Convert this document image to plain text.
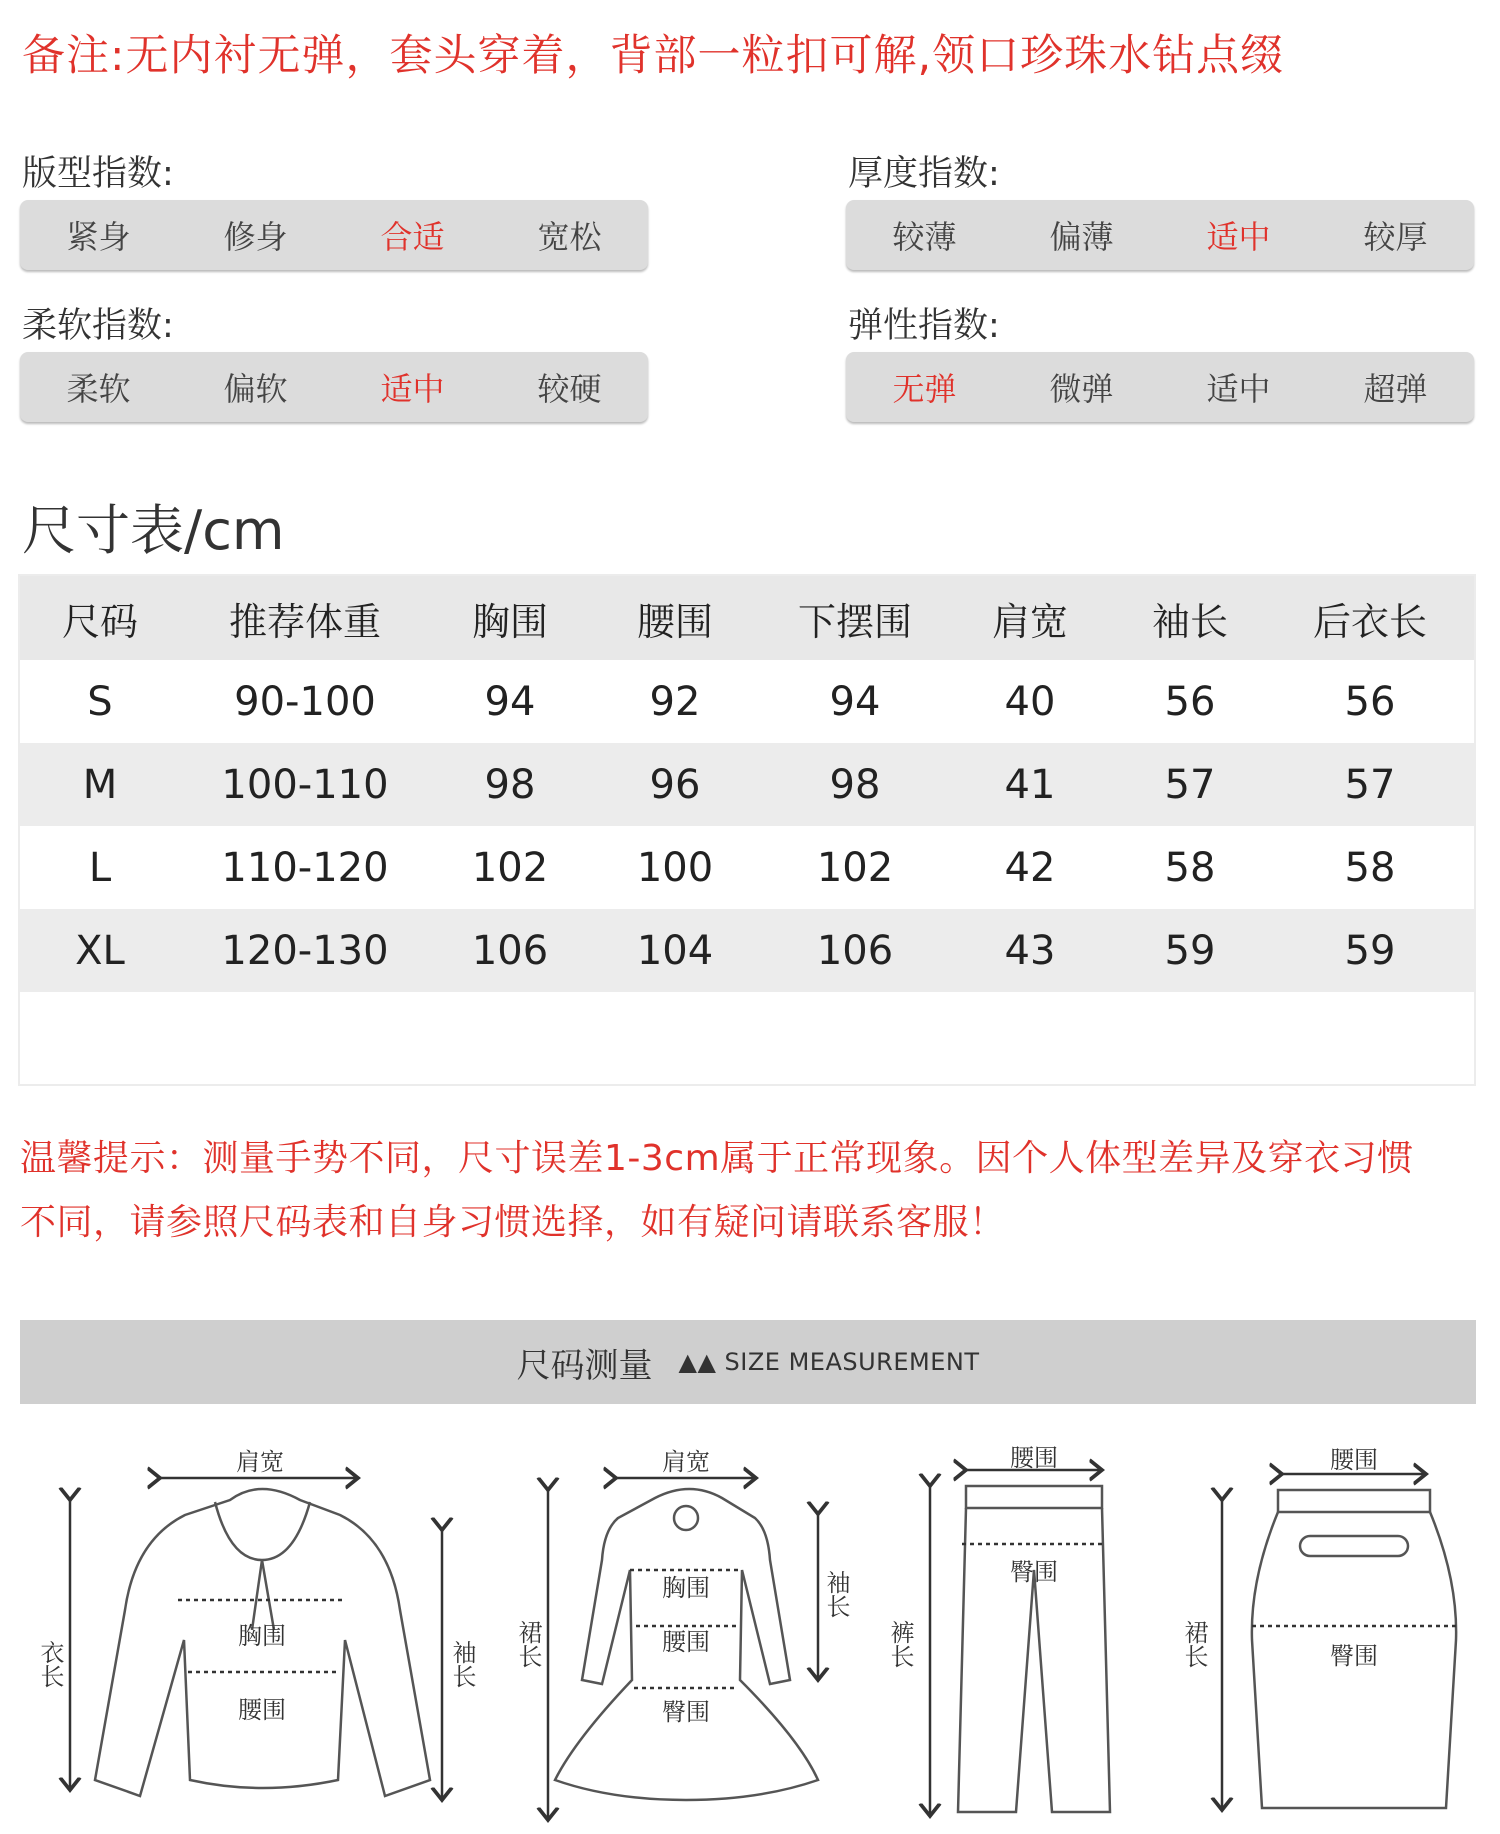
备注:无内衬无弹，套头穿着，背部一粒扣可解,领口珍珠水钻点缀
版型指数:
紧身	修身	合适	宽松
厚度指数:
较薄	偏薄	适中	较厚
柔软指数:
柔软	偏软	适中	较硬
弹性指数:
无弹	微弹	适中	超弹
尺寸表/cm
尺码	推荐体重	胸围	腰围	下摆围	肩宽	袖长	后衣长
S	90-100	94	92	94	40	56	56
M	100-110	98	96	98	41	57	57
L	110-120	102	100	102	42	58	58
XL	120-130	106	104	106	43	59	59
温馨提示：测量手势不同，尺寸误差1-3cm属于正常现象。因个人体型差异及穿衣习惯
不同，请参照尺码表和自身习惯选择，如有疑问请联系客服！
尺码测量 ▲▲ SIZE MEASUREMENT
肩宽
衣长	袖长
胸围
腰围
肩宽
裙长
袖长
胸围
腰围
臀围
腰围
裤长
臀围
腰围
裙长	臀围
